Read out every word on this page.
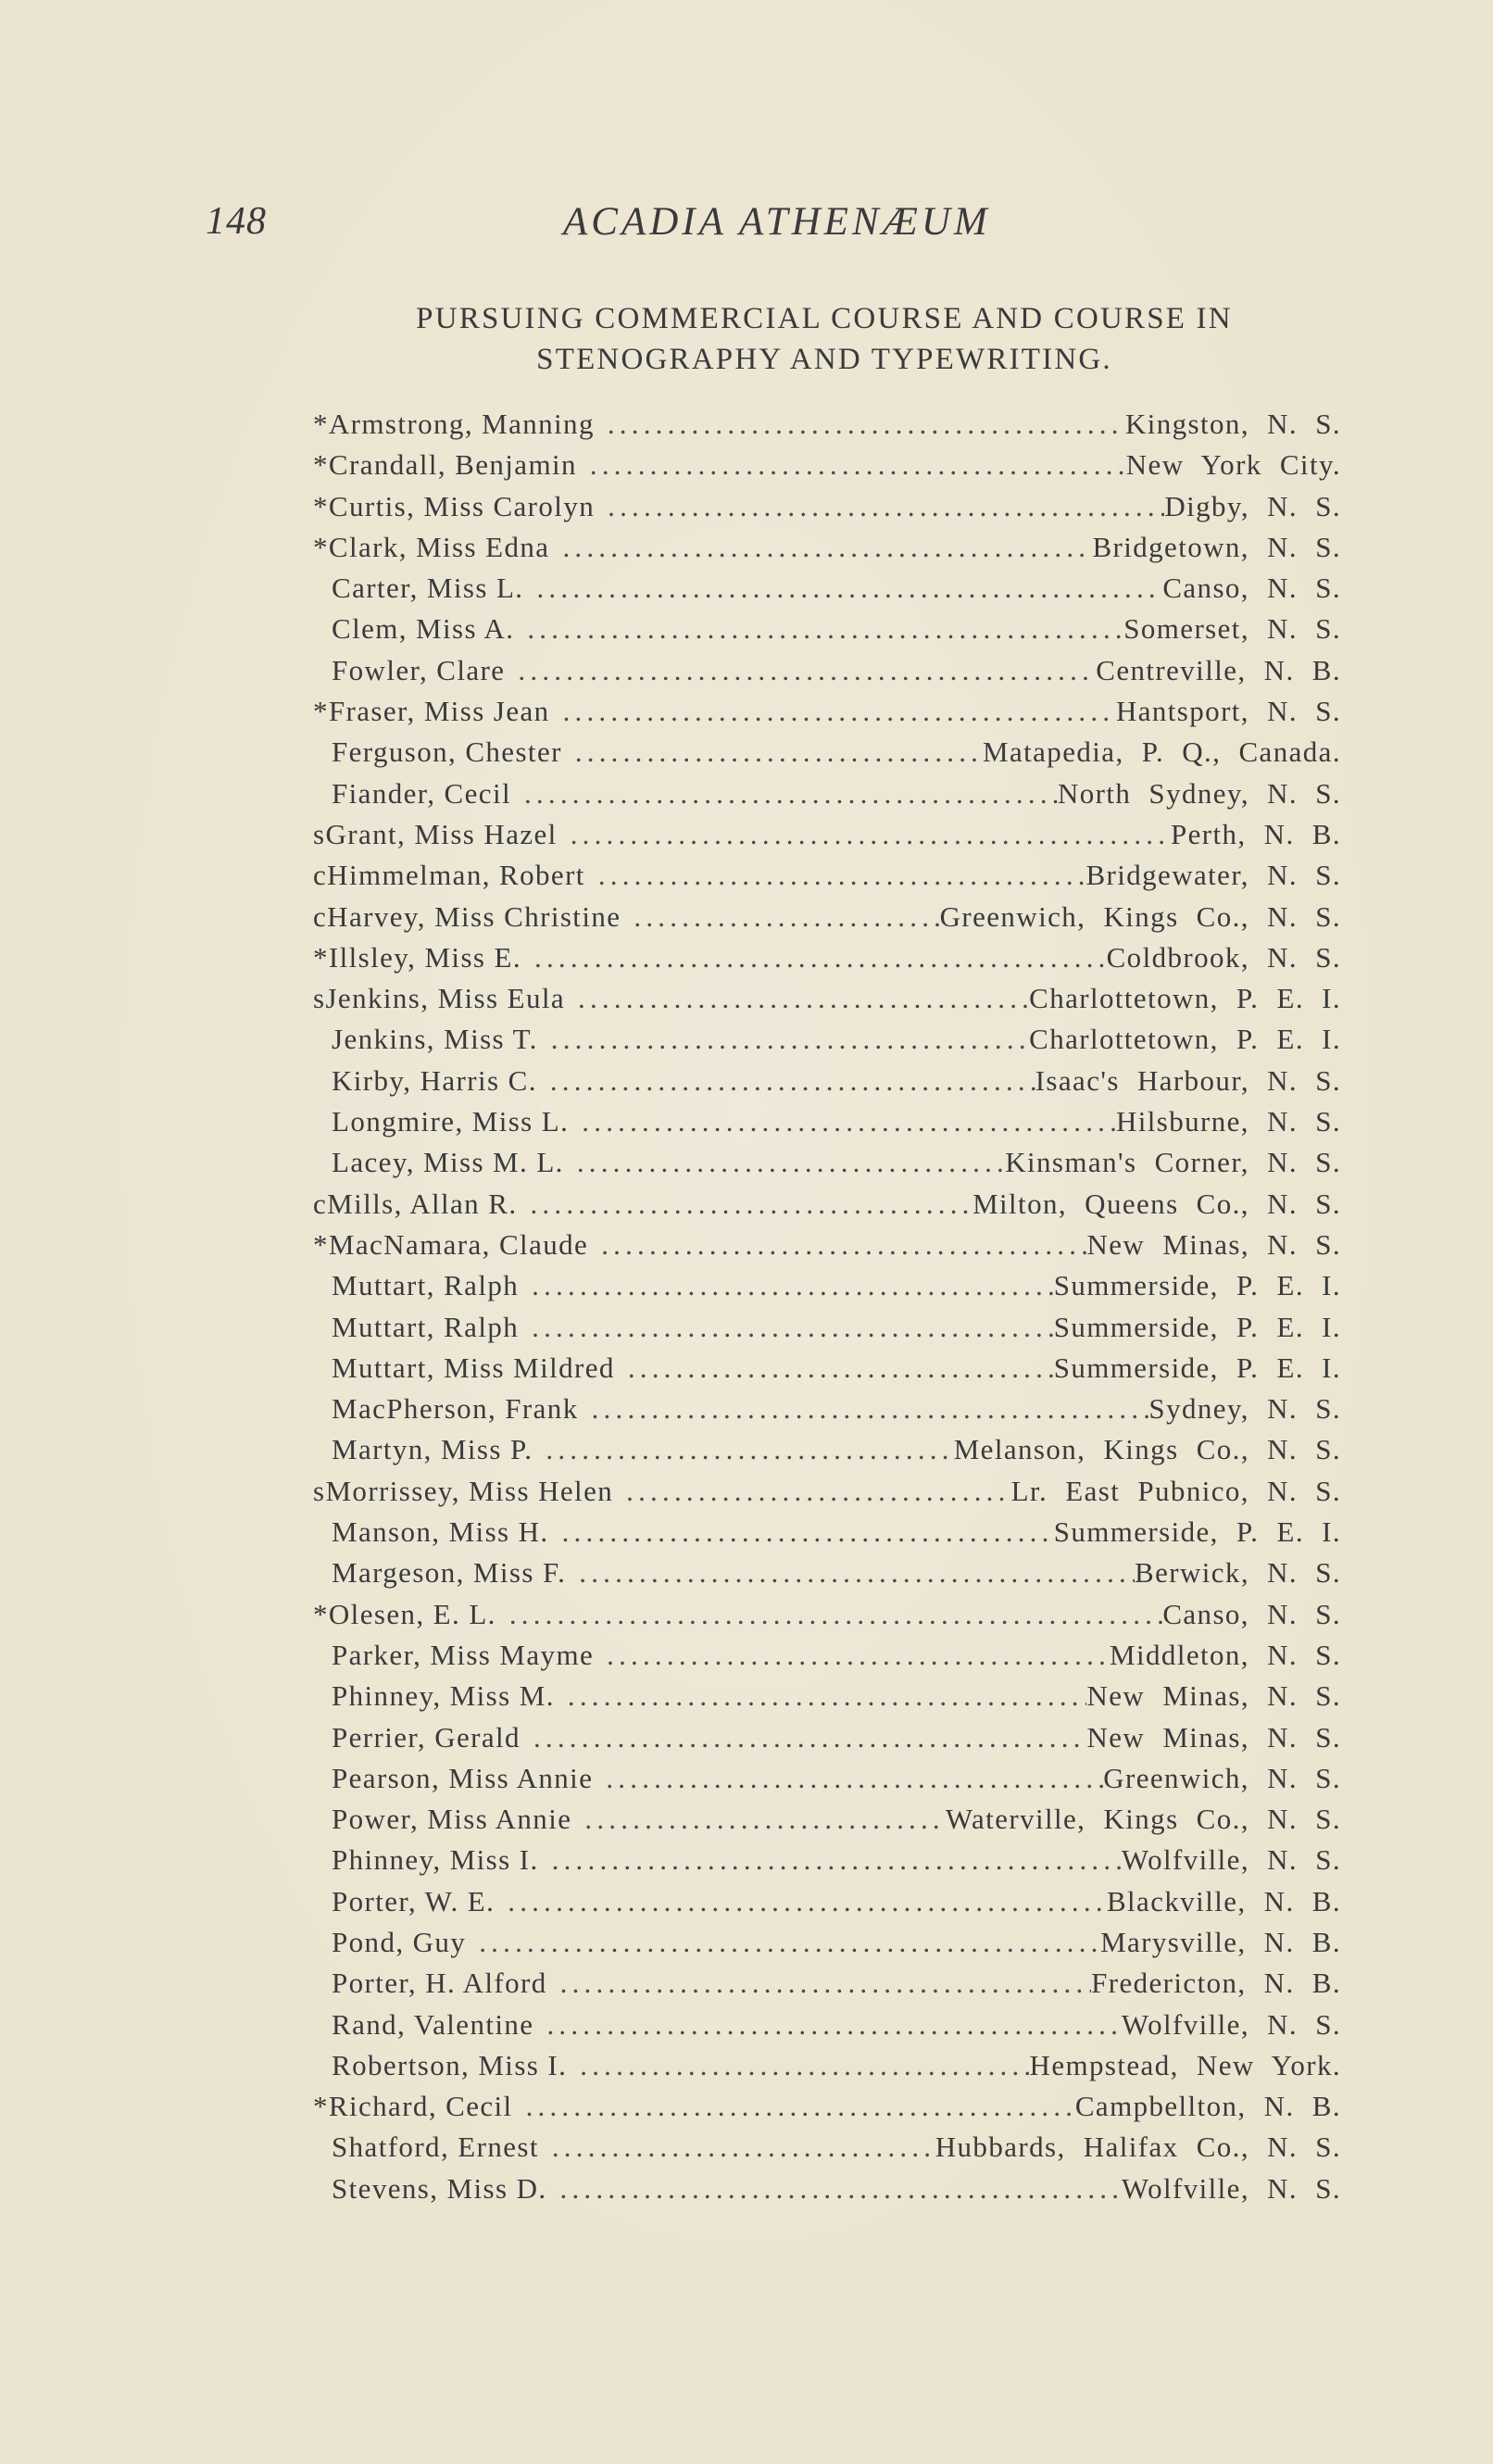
148	ACADIA ATHENÆUM
PURSUING COMMERCIAL COURSE AND COURSE IN
STENOGRAPHY AND TYPEWRITING.
*Armstrong, Manning .....	Kingston, N. S.
*Crandall, Benjamin .....	New York City.
*Curtis, Miss Carolyn .....	Digby, N. S.
*Clark, Miss Edna .....	Bridgetown, N. S.
Carter, Miss L. .....	Canso, N. S.
Clem, Miss A. .....	Somerset, N. S.
Fowler, Clare .....	Centreville, N. B.
*Fraser, Miss Jean .....	Hantsport, N. S.
Ferguson, Chester .....	Matapedia, P. Q., Canada.
Fiander, Cecil .....	North Sydney, N. S.
sGrant, Miss Hazel .....	Perth, N. B.
cHimmelman, Robert .....	Bridgewater, N. S.
cHarvey, Miss Christine .....	Greenwich, Kings Co., N. S.
*Illsley, Miss E. .....	Coldbrook, N. S.
sJenkins, Miss Eula .....	Charlottetown, P. E. I.
Jenkins, Miss T. .....	Charlottetown, P. E. I.
Kirby, Harris C. .....	Isaac's Harbour, N. S.
Longmire, Miss L. .....	Hilsburne, N. S.
Lacey, Miss M. L. .....	Kinsman's Corner, N. S.
cMills, Allan R. .....	Milton, Queens Co., N. S.
*MacNamara, Claude .....	New Minas, N. S.
Muttart, Ralph .....	Summerside, P. E. I.
Muttart, Ralph .....	Summerside, P. E. I.
Muttart, Miss Mildred .....	Summerside, P. E. I.
MacPherson, Frank .....	Sydney, N. S.
Martyn, Miss P. .....	Melanson, Kings Co., N. S.
sMorrissey, Miss Helen .....	Lr. East Pubnico, N. S.
Manson, Miss H. .....	Summerside, P. E. I.
Margeson, Miss F. .....	Berwick, N. S.
*Olesen, E. L. .....	Canso, N. S.
Parker, Miss Mayme .....	Middleton, N. S.
Phinney, Miss M. .....	New Minas, N. S.
Perrier, Gerald .....	New Minas, N. S.
Pearson, Miss Annie .....	Greenwich, N. S.
Power, Miss Annie .....	Waterville, Kings Co., N. S.
Phinney, Miss I. .....	Wolfville, N. S.
Porter, W. E. .....	Blackville, N. B.
Pond, Guy .....	Marysville, N. B.
Porter, H. Alford .....	Fredericton, N. B.
Rand, Valentine .....	Wolfville, N. S.
Robertson, Miss I. .....	Hempstead, New York.
*Richard, Cecil .....	Campbellton, N. B.
Shatford, Ernest .....	Hubbards, Halifax Co., N. S.
Stevens, Miss D. .....	Wolfville, N. S.
